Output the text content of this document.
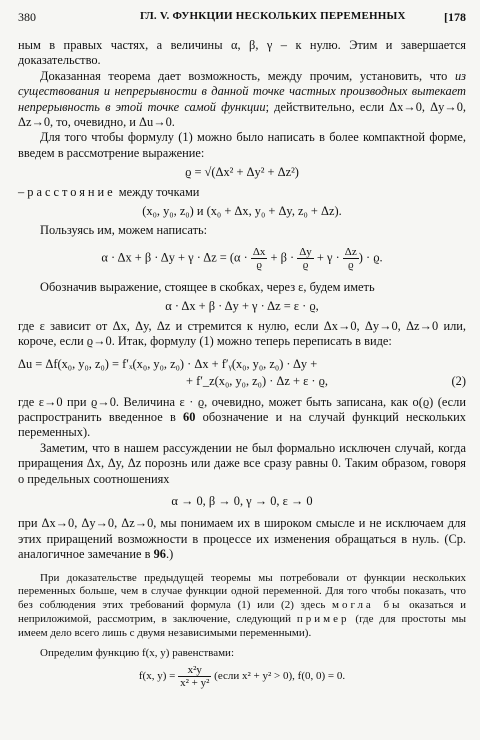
380	ГЛ. V. ФУНКЦИИ НЕСКОЛЬКИХ ПЕРЕМЕННЫХ	[178

ным в правых частях, а величины α, β, γ – к нулю. Этим и завершается доказательство.

Доказанная теорема дает возможность, между прочим, установить, что из существования и непрерывности в данной точке частных производных вытекает непрерывность в этой точке самой функции; действительно, если Δx→0, Δy→0, Δz→0, то, очевидно, и Δu→0.

Для того чтобы формулу (1) можно было написать в более компактной форме, введем в рассмотрение выражение:

ϱ = √(Δx² + Δy² + Δz²)

– расстояние между точками

(x₀, y₀, z₀) и (x₀ + Δx, y₀ + Δy, z₀ + Δz).

Пользуясь им, можем написать:

$\alpha \cdot \Delta x + \beta \cdot \Delta y + \gamma \cdot \Delta z = (\alpha \cdot \frac{\Delta x}{ϱ} + \beta \cdot \frac{\Delta y}{ϱ} + \gamma \cdot \frac{\Delta z}{ϱ}$ ) · ϱ.

Обозначив выражение, стоящее в скобках, через ε, будем иметь

α · Δx + β · Δy + γ · Δz = ε · ϱ,

где ε зависит от Δx, Δy, Δz и стремится к нулю, если Δx→0, Δy→0, Δz→0 или, короче, если ϱ→0. Итак, формулу (1) можно теперь переписать в виде:

Δu = Δf(x₀, y₀, z₀) = f′ₓ(x₀, y₀, z₀) · Δx + f′ᵧ(x₀, y₀, z₀) · Δy +
+ f′_z(x₀, y₀, z₀) · Δz + ε · ϱ,	(2)

где ε→0 при ϱ→0. Величина ε · ϱ, очевидно, может быть записана, как o(ϱ) (если распространить введенное в 60 обозначение и на случай функций нескольких переменных).

Заметим, что в нашем рассуждении не был формально исключен случай, когда приращения Δx, Δy, Δz порознь или даже все сразу равны 0. Таким образом, говоря о предельных соотношениях

α → 0, β → 0, γ → 0, ε → 0

при Δx→0, Δy→0, Δz→0, мы понимаем их в широком смысле и не исключаем для этих приращений возможности в процессе их изменения обращаться в нуль. (Ср. аналогичное замечание в 96.)

При доказательстве предыдущей теоремы мы потребовали от функции нескольких переменных больше, чем в случае функции одной переменной. Для того чтобы показать, что без соблюдения этих требований формула (1) или (2) здесь могла бы оказаться и неприложимой, рассмотрим, в заключение, следующий пример (где для простоты мы имеем дело всего лишь с двумя независимыми переменными).

Определим функцию f(x, y) равенствами:

f(x, $y) = \frac{\text{x²y}}{\text{x² + y²}}$ (если x² + y² > 0), f(0, 0) = 0.
